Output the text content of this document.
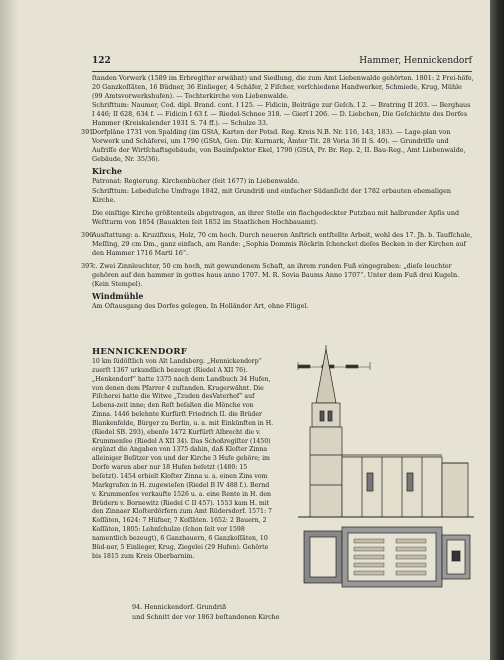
122	Hammer, Hennickendorf

ſtanden Vorwerk (1589 im Erbregiſter erwähnt) und Siedlung, die zum Amt Liebenwalde gehörten. 1801: 2 Frei-höfe, 20 Ganzkoſſäten, 16 Büdner, 36 Einlieger, 4 Schäfer, 2 Fiſcher, verſchiedene Handwerker, Schmiede, Krug, Mühle (99 Amtsvorwerkshufen). — Tochterkirche von Liebenwalde.

Schrifttum: Naumer, Cod. dipl. Brand. cont. I 125. — Fidicin, Beiträge zur Geſch. I 2. — Bratring II 203. — Berghaus I 446; II 628, 634 f. — Fidicin I 63 f. — Riedel-Schnee 318. — Gierſ I 206. — D. Liebchen, Die Geſchichte des Dorfes Hammer (Kreiskalender 1931 S. 74 ff.). — Schulze 33.

391
Dorfpläne 1731 von Spalding (im GStA, Karten der Potsd. Reg. Kreis N.B. Nr. 116, 143, 183). — Lage-plan von Vorwerk und Schäferei, um 1790 (GStA, Gen. Dir. Kurmark, Ämter Tit. 28 Voria 36 II S. 40). — Grundriſſe und Aufriſſe der Wirtſchaftsgebäude, von Bauinſpektor Ekel, 1790 (GStA, Pr. Br. Rep. 2, II. Bau-Reg., Amt Liebenwalde, Gebäude, Nr. 35/36).

Kirche

Patronat: Regierung. Kirchenbücher (ſeit 1677) in Liebenwalde.

Schrifttum: Lebeduſche Umfrage 1842, mit Grundriß und einfacher Südanſicht der 1782 erbauten ehemaligen Kirche.

Die einſtige Kirche größtenteils abgetragen, an ihrer Stelle ein flachgedeckter Putzbau mit halbrunder Apſis und Weſtturm von 1854 (Bauakten ſeit 1852 im Staatlichen Hochbauamt).

396
Ausſtattung: a. Kruzifixus, Holz, 70 cm hoch. Durch neueren Anſtrich entſtellte Arbeit, wohl des 17. Jh. b. Taufſchale, Meſſing, 29 cm Dm., ganz einfach, am Rande: „Sophia Dommis Röckrin ſchencket dieſes Becken in der Kirchen auf den Hammer 1716 Marti 16“.

397
c. Zwei Zinnleuchter, 50 cm hoch, mit gewundenem Schaft, an ihrem runden Fuß eingegraben: „dieſe leuchter gehören auf den hammer in gottes haus anno 1707. M. R. Sovia Baums Anno 1707“. Unter dem Fuß drei Kugeln. (Kein Stempel).

Windmühle

Am Oſtausgang des Dorfes gelegen. In Holländer Art, ohne Flügel.

HENNICKENDORF

10 km ſüdöſtlich von Alt Landsberg. „Hennickendorp“ zuerſt 1367 urkundlich bezeugt (Riedel A XII 76). „Henkendorf“ hatte 1375 nach dem Landbuch 34 Hufen, von denen dem Pfarrer 4 zuſtanden. Krugerwähnt. Die Fiſcherei hatte die Witwe „Tzuden desVaterhof“ auf Lebens-zeit inne; den Reſt beſaßen die Mönche von Zinna. 1446 belehnte Kurfürſt Friedrich II. die Brüder Blankenfelde, Bürger zu Berlin, u. a. mit Einkünften in H. (Riedel SB. 293), ebenſo 1472 Kurfürſt Albrecht die v. Krummenſee (Riedel A XII 34). Das Schoßregiſter (1450) ergänzt die Angaben von 1375 dahin, daß Kloſter Zinna alleiniger Beſitzer von und der Kirche 3 Hufe gehöre; im Dorfe waren aber nur 18 Hufen beſetzt (1480: 15 beſetzt). 1454 erhielt Kloſter Zinna u. a. einen Zins vom Markgrafen in H. zugewieſen (Riedel B IV 488 f.). Bernd v. Krummenſee verkaufte 1526 u. a. eine Rente in H. den Brüdern v. Bornewitz (Riedel C II 457). 1553 kam H. mit den Zinnaer Kloſterdörfern zum Amt Rüdersdorf. 1571: 7 Koſſäten, 1624: 7 Hüfner, 7 Koſſäten. 1652: 2 Bauern, 2 Koſſäten, 1805: Lehnſchulze (ſchon ſeit vor 1598 namentlich bezeugt), 6 Ganzbauern, 6 Ganzkoſſäten, 10 Büd-ner, 5 Einlieger, Krug, Ziegelei (29 Hufen). Gehörte bis 1815 zum Kreis Oberbarnim.

94. Hennickendorf. Grundriß
und Schnitt der vor 1863 beſtandenen Kirche
